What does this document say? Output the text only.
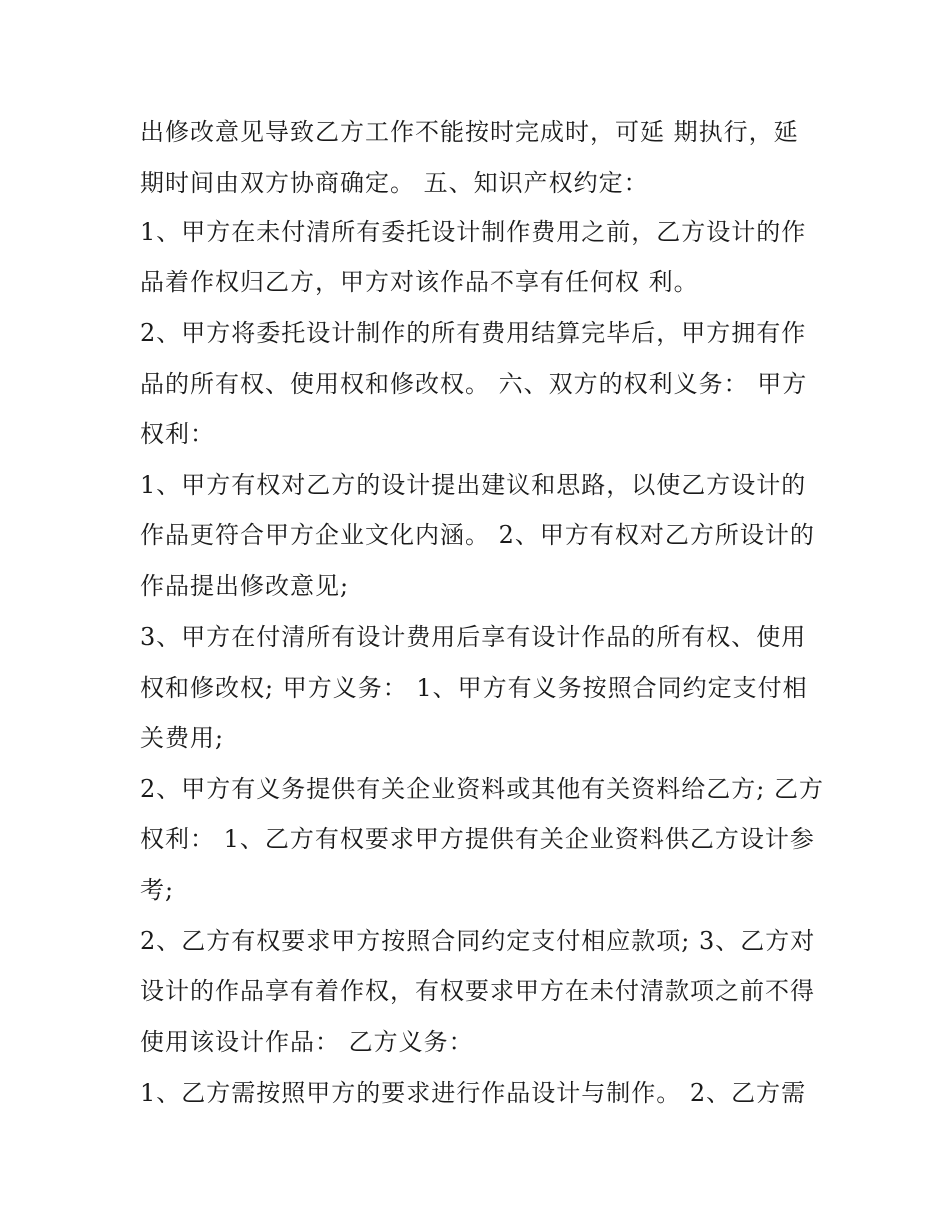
出修改意见导致乙方工作不能按时完成时，可延 期执行，延
期时间由双方协商确定。 五、知识产权约定：
1、甲方在未付清所有委托设计制作费用之前，乙方设计的作
品着作权归乙方，甲方对该作品不享有任何权 利。
2、甲方将委托设计制作的所有费用结算完毕后，甲方拥有作
品的所有权、使用权和修改权。 六、双方的权利义务： 甲方
权利：
1、甲方有权对乙方的设计提出建议和思路，以使乙方设计的
作品更符合甲方企业文化内涵。 2、甲方有权对乙方所设计的
作品提出修改意见;
3、甲方在付清所有设计费用后享有设计作品的所有权、使用
权和修改权; 甲方义务： 1、甲方有义务按照合同约定支付相
关费用;
2、甲方有义务提供有关企业资料或其他有关资料给乙方; 乙方
权利： 1、乙方有权要求甲方提供有关企业资料供乙方设计参
考;
2、乙方有权要求甲方按照合同约定支付相应款项; 3、乙方对
设计的作品享有着作权，有权要求甲方在未付清款项之前不得
使用该设计作品： 乙方义务：
1、乙方需按照甲方的要求进行作品设计与制作。 2、乙方需
